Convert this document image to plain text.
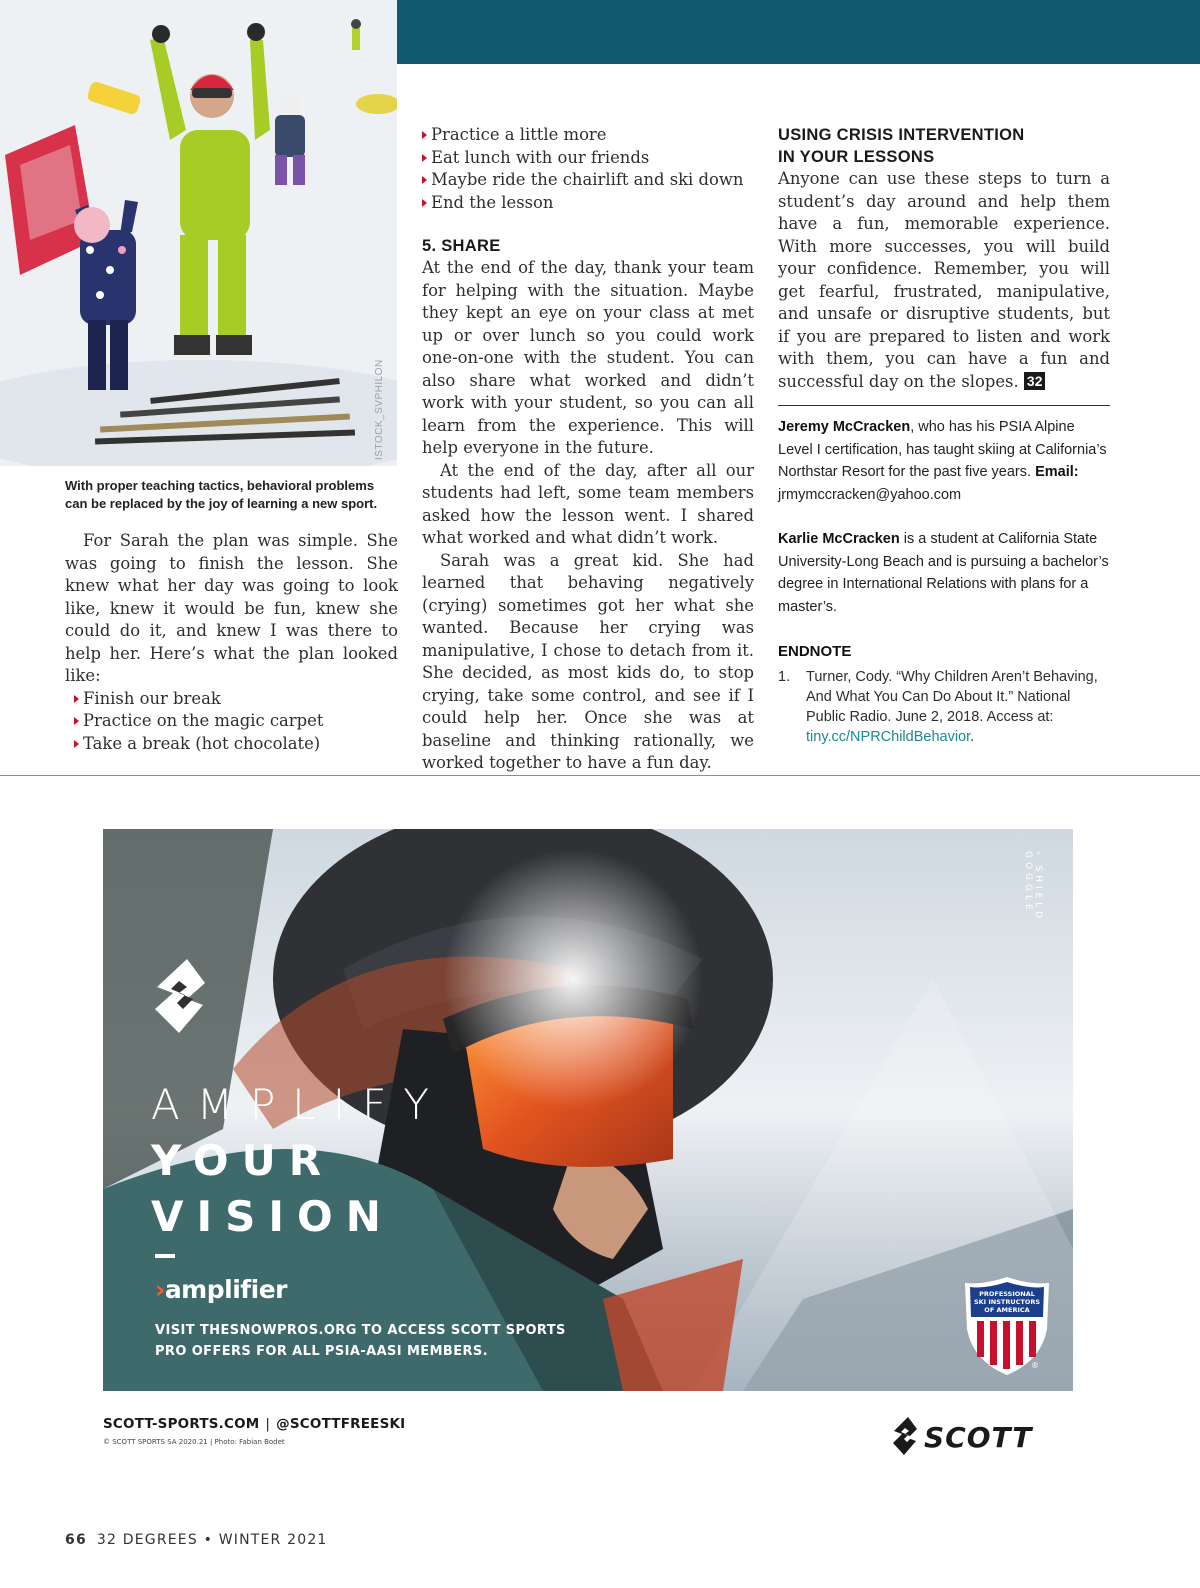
ISTOCK_SVPHILON
With proper teaching tactics, behavioral problems can be replaced by the joy of learning a new sport.

For Sarah the plan was simple. She was going to finish the lesson. She knew what her day was going to look like, knew it would be fun, knew she could do it, and knew I was there to help her. Here’s what the plan looked like:

Finish our break
Practice on the magic carpet
Take a break (hot chocolate)
Practice a little more
Eat lunch with our friends
Maybe ride the chairlift and ski down
End the lesson
5. SHARE

At the end of the day, thank your team for helping with the situation. Maybe they kept an eye on your class at met up or over lunch so you could work one-on-one with the student. You can also share what worked and didn’t work with your student, so you can all learn from the experience. This will help everyone in the future.

At the end of the day, after all our students had left, some team members asked how the lesson went. I shared what worked and what didn’t work.

Sarah was a great kid. She had learned that behaving negatively (crying) sometimes got her what she wanted. Because her crying was manipulative, I chose to detach from it. She decided, as most kids do, to stop crying, take some control, and see if I could help her. Once she was at baseline and thinking rationally, we worked together to have a fun day.

USING CRISIS INTERVENTION
IN YOUR LESSONS

Anyone can use these steps to turn a student’s day around and help them have a fun, memorable experience. With more successes, you will build your confidence. Remember, you will get fearful, frustrated, manipulative, and unsafe or disruptive students, but if you are prepared to listen and work with them, you can have a fun and successful day on the slopes. 32

Jeremy McCracken, who has his PSIA Alpine Level I certification, has taught skiing at California’s Northstar Resort for the past five years. Email: jrmymccracken@yahoo.com
Karlie McCracken is a student at California State University-Long Beach and is pursuing a bachelor’s degree in International Relations with plans for a master’s.
ENDNOTE
1.	Turner, Cody. “Why Children Aren’t Behaving, And What You Can Do About It.” National Public Radio. June 2, 2018. Access at: tiny.cc/NPRChildBehavior.
› SHIELD GOGGLE
AMPLIFY
YOUR
VISION
›amplifier
VISIT THESNOWPROS.ORG TO ACCESS SCOTT SPORTS PRO OFFERS FOR ALL PSIA-AASI MEMBERS.
PROFESSIONAL
SKI INSTRUCTORS
OF AMERICA
®
SCOTT-SPORTS.COM | @SCOTTFREESKI
© SCOTT SPORTS SA 2020.21 | Photo: Fabian Bodet	SCOTT
66 32 DEGREES • WINTER 2021
